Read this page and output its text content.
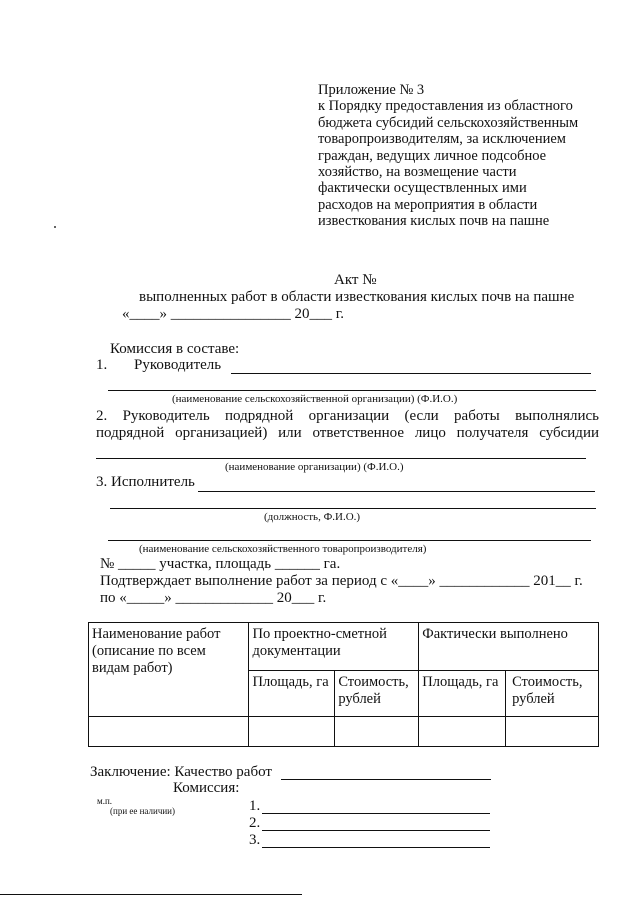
Приложение № 3
к Порядку предоставления из областного
бюджета субсидий сельскохозяйственным
товаропроизводителям, за исключением
граждан, ведущих личное подсобное
хозяйство, на возмещение части
фактически осуществленных ими
расходов на мероприятия в области
известкования кислых почв на пашне
Акт №
выполненных работ в области известкования кислых почв на пашне
«____» ________________ 20___ г.
Комиссия в составе:
1. Руководитель
(наименование сельскохозяйственной организации) (Ф.И.О.)
2. Руководитель подрядной организации (если работы выполнялись
подрядной организацией) или ответственное лицо получателя субсидии
(наименование организации) (Ф.И.О.)
3. Исполнитель
(должность, Ф.И.О.)
(наименование сельскохозяйственного товаропроизводителя)
№ _____ участка, площадь ______ га.
Подтверждает выполнение работ за период с «____» ____________ 201__ г.
по «_____» _____________ 20___ г.
Наименование работ (описание по всем видам работ)	По проектно-сметной документации		Фактически выполнено	
	Площадь, га	Стоимость, рублей	Площадь, га	Стоимость, рублей

Заключение: Качество работ
Комиссия:
м.п.
(при ее наличии)	1.
2.
3.
